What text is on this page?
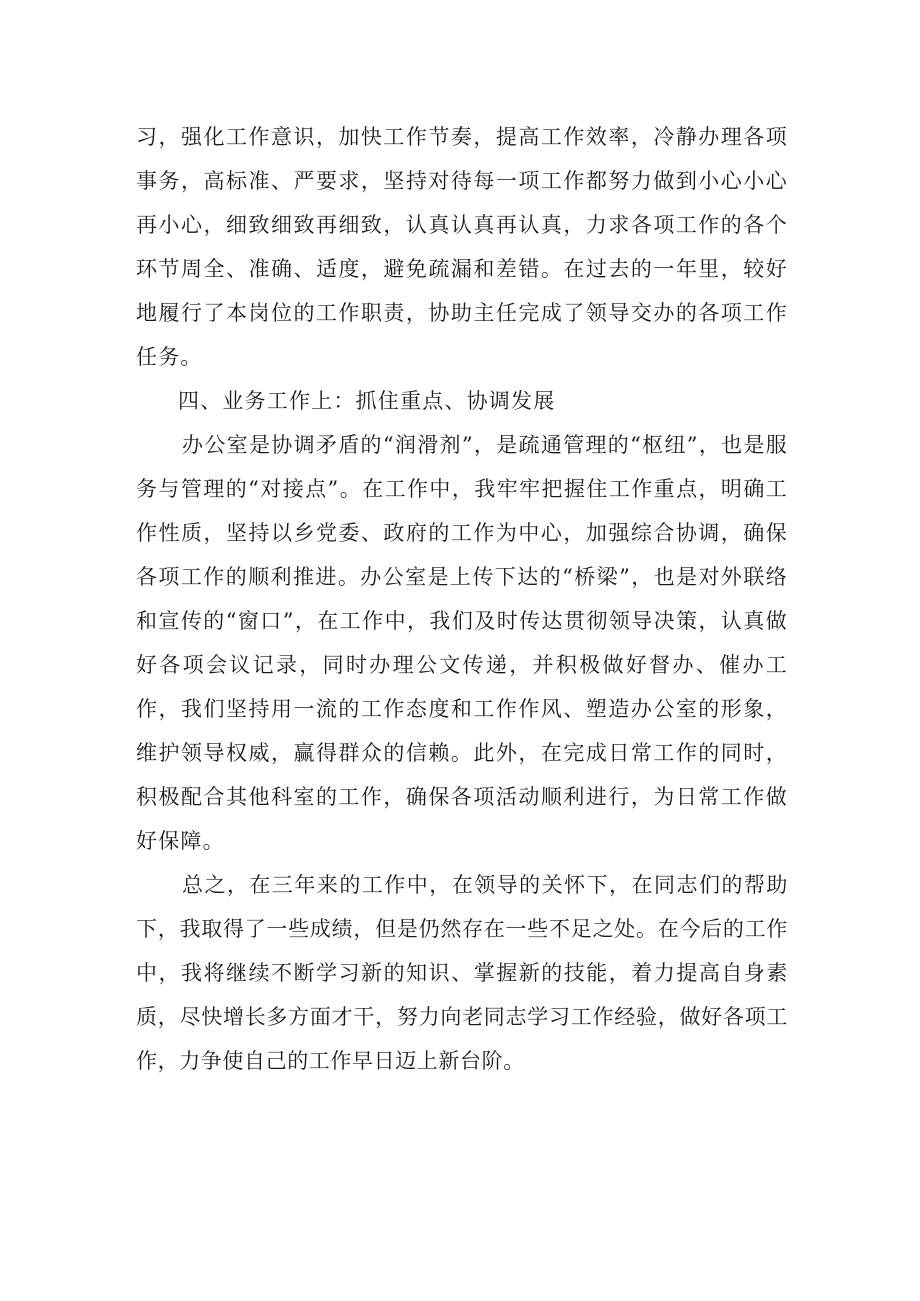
习，强化工作意识，加快工作节奏，提高工作效率，冷静办理各项事务，高标准、严要求，坚持对待每一项工作都努力做到小心小心再小心，细致细致再细致，认真认真再认真，力求各项工作的各个环节周全、准确、适度，避免疏漏和差错。在过去的一年里，较好地履行了本岗位的工作职责，协助主任完成了领导交办的各项工作任务。

四、业务工作上：抓住重点、协调发展

办公室是协调矛盾的“润滑剂”，是疏通管理的“枢纽”，也是服务与管理的“对接点”。在工作中，我牢牢把握住工作重点，明确工作性质，坚持以乡党委、政府的工作为中心，加强综合协调，确保各项工作的顺利推进。办公室是上传下达的“桥梁”，也是对外联络和宣传的“窗口”，在工作中，我们及时传达贯彻领导决策，认真做好各项会议记录，同时办理公文传递，并积极做好督办、催办工作，我们坚持用一流的工作态度和工作作风、塑造办公室的形象，维护领导权威，赢得群众的信赖。此外，在完成日常工作的同时，积极配合其他科室的工作，确保各项活动顺利进行，为日常工作做好保障。

总之，在三年来的工作中，在领导的关怀下，在同志们的帮助下，我取得了一些成绩，但是仍然存在一些不足之处。在今后的工作中，我将继续不断学习新的知识、掌握新的技能，着力提高自身素质，尽快增长多方面才干，努力向老同志学习工作经验，做好各项工作，力争使自己的工作早日迈上新台阶。
